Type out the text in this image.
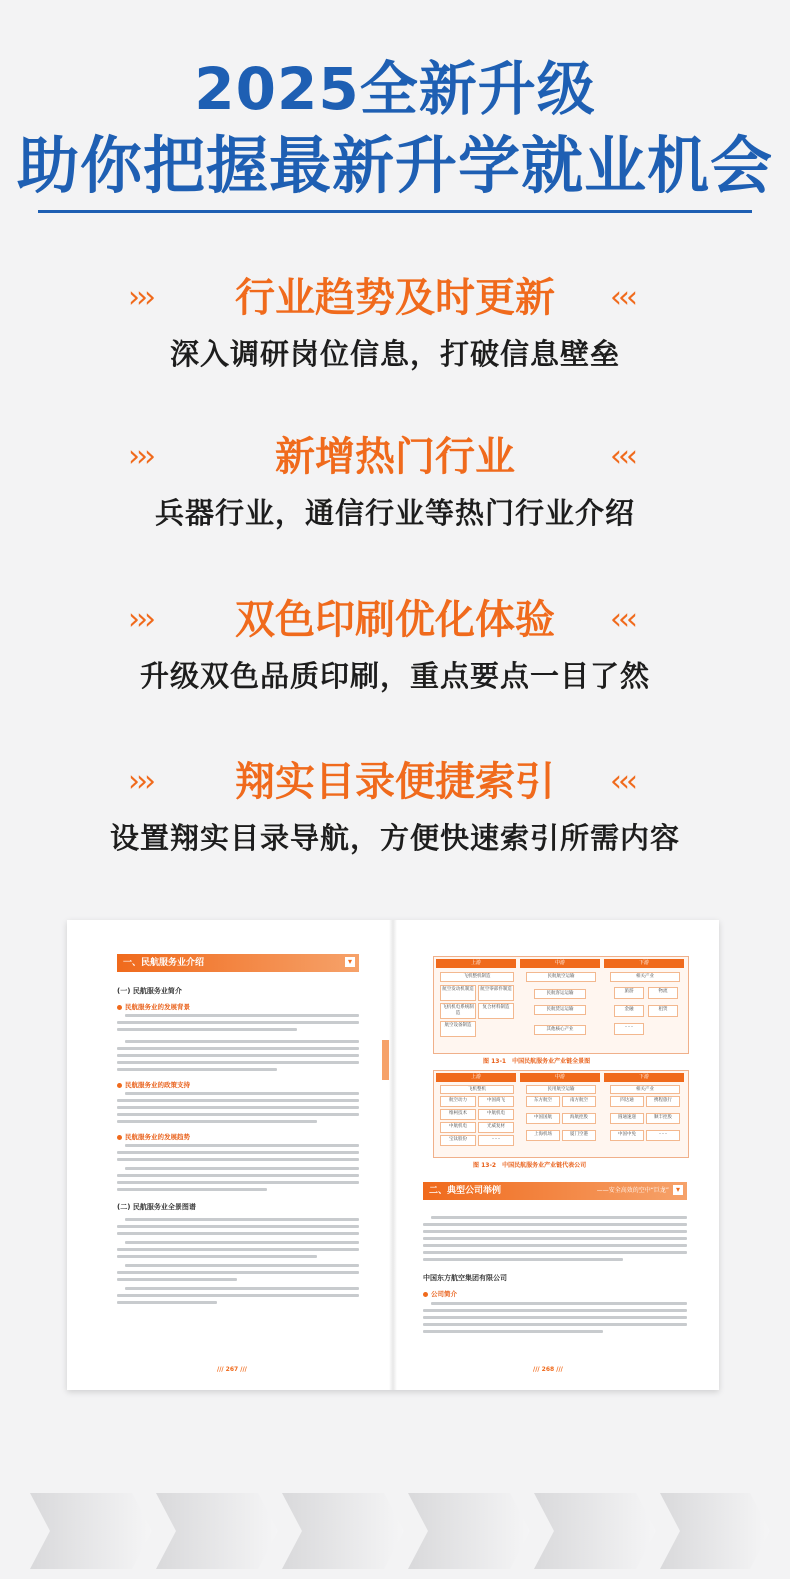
2025全新升级
助你把握最新升学就业机会
››› 行业趋势及时更新 ‹‹‹
深入调研岗位信息，打破信息壁垒
›››	新增热门行业	‹‹‹
兵器行业，通信行业等热门行业介绍
››› 双色印刷优化体验 ‹‹‹
升级双色品质印刷，重点要点一目了然
››› 翔实目录便捷索引 ‹‹‹
设置翔实目录导航，方便快速索引所需内容
一、民航服务业介绍	▾
(一) 民航服务业简介
民航服务业的发展背景
民航服务业的政策支持
民航服务业的发展趋势
(二) 民航服务业全景图谱
/// 267 ///
上游	中游	下游
飞机整机制造
航空发动机制造	航空零部件制造
飞机机电系统制造
复合材料制造
航空设备制造
民航航空运输
民航客运运输
民航货运运输
其他核心产业
相关产业
旅游	物流
金融	租赁
……
图 13-1　中国民航服务业产业链全景图
上游	中游	下游
飞机整机
航空动力	中国商飞
维柯技术	中航机电
中航机电	光威复材
宝钛股份	……
民用航空运输
东方航空	南方航空
中国国航	海航控股
上海机场	厦门空港
相关产业
四达通	携程旅行
圆通速递	顺丰控股
中国中免	……
图 13-2　中国民航服务业产业链代表公司
二、典型公司举例	——安全高效的空中“巨龙” ▾
中国东方航空集团有限公司
公司简介
/// 268 ///
